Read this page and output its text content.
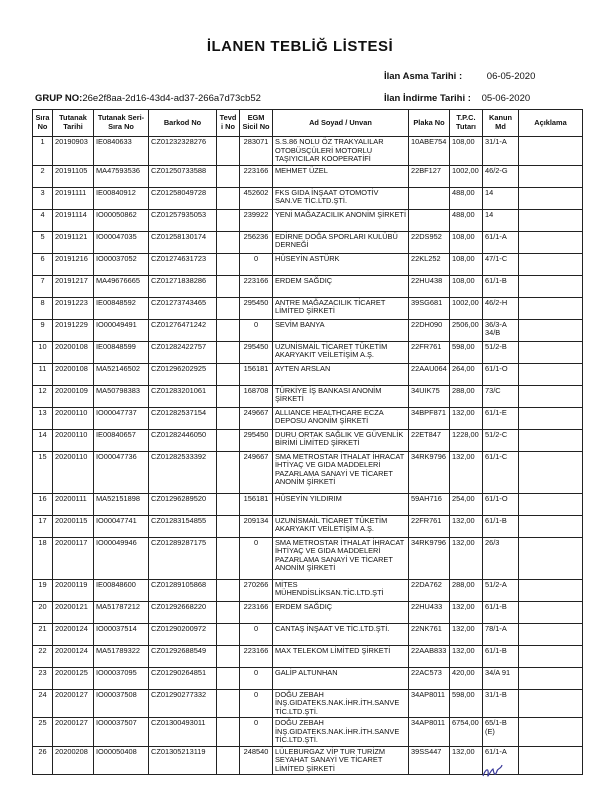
İLANEN TEBLİĞ LİSTESİ
İlan Asma Tarihi :	06-05-2020
GRUP NO:26e2f8aa-2d16-43d4-ad37-266a7d73cb52	İlan İndirme Tarihi : 05-06-2020
Sıra No	Tutanak Tarihi	Tutanak Seri-Sıra No	Barkod No	Tevdi No	EGM Sicil No	Ad Soyad / Unvan	Plaka No	T.P.C. Tutarı	Kanun Md	Açıklama
1	20190903	IE0840633	CZ01232328276		283071	S.S.86 NOLU ÖZ TRAKYALILAR OTOBÜSÇÜLERİ MOTORLU TAŞIYICILAR KOOPERATİFİ	10ABE754	108,00	31/1-A	
2	20191105	MA47593536	CZ01250733588		223166	MEHMET ÜZEL	22BF127	1002,00	46/2-G	
3	20191111	IE00840912	CZ01258049728		452602	FKS GIDA İNŞAAT OTOMOTİV SAN.VE TİC.LTD.ŞTİ.		488,00	14	
4	20191114	IO00050862	CZ01257935053		239922	YENİ MAĞAZACILIK ANONİM ŞİRKETİ		488,00	14	
5	20191121	IO00047035	CZ01258130174		256236	EDİRNE DOĞA SPORLARI KULÜBÜ DERNEĞİ	22DS952	108,00	61/1-A	
6	20191216	IO00037052	CZ01274631723		0	HÜSEYİN ASTÜRK	22KL252	108,00	47/1-C	
7	20191217	MA49676665	CZ01271838286		223166	ERDEM SAĞDIÇ	22HU438	108,00	61/1-B	
8	20191223	IE00848592	CZ01273743465		295450	ANTRE MAĞAZACILIK TİCARET LİMİTED ŞİRKETİ	39SG681	1002,00	46/2-H	
9	20191229	IO00049491	CZ01276471242		0	SEVİM BANYA	22DH090	2506,00	36/3-A 34/B	
10	20200108	IE00848599	CZ01282422757		295450	UZUNİSMAİL TİCARET TÜKETİM AKARYAKIT VEİLETİŞİM A.Ş.	22FR761	598,00	51/2-B	
11	20200108	MA52146502	CZ01296202925		156181	AYTEN ARSLAN	22AAU064	264,00	61/1-O	
12	20200109	MA50798383	CZ01283201061		168708	TÜRKİYE İŞ BANKASI ANONİM ŞİRKETİ	34UIK75	288,00	73/C	
13	20200110	IO00047737	CZ01282537154		249667	ALLIANCE HEALTHCARE ECZA DEPOSU ANONİM ŞİRKETİ	34BPF871	132,00	61/1-E	
14	20200110	IE00840657	CZ01282446050		295450	DURU ORTAK SAĞLIK VE GÜVENLİK BİRİMİ LİMİTED ŞİRKETİ	22ET847	1228,00	51/2-C	
15	20200110	IO00047736	CZ01282533392		249667	SMA METROSTAR İTHALAT İHRACAT İHTİYAÇ VE GIDA MADDELERİ PAZARLAMA SANAYİ VE TİCARET ANONİM ŞİRKETİ	34RK9796	132,00	61/1-C	
16	20200111	MA52151898	CZ01296289520		156181	HÜSEYİN YILDIRIM	59AH716	254,00	61/1-O	
17	20200115	IO00047741	CZ01283154855		209134	UZUNİSMAİL TİCARET TÜKETİM AKARYAKIT VEİLETİŞİM A.Ş.	22FR761	132,00	61/1-B	
18	20200117	IO00049946	CZ01289287175		0	SMA METROSTAR İTHALAT İHRACAT İHTİYAÇ VE GIDA MADDELERİ PAZARLAMA SANAYİ VE TİCARET ANONİM ŞİRKETİ	34RK9796	132,00	26/3	
19	20200119	IE00848600	CZ01289105868		270266	MİTES MÜHENDİSLİKSAN.TİC.LTD.ŞTİ	22DA762	288,00	51/2-A	
20	20200121	MA51787212	CZ01292668220		223166	ERDEM SAĞDIÇ	22HU433	132,00	61/1-B	
21	20200124	IO00037514	CZ01290200972		0	CANTAŞ İNŞAAT VE TİC.LTD.ŞTİ.	22NK761	132,00	78/1-A	
22	20200124	MA51789322	CZ01292688549		223166	MAX TELEKOM LİMİTED ŞİRKETİ	22AAB833	132,00	61/1-B	
23	20200125	IO00037095	CZ01290264851		0	GALİP ALTUNHAN	22AC573	420,00	34/A 91	
24	20200127	IO00037508	CZ01290277332		0	DOĞU ZEBAH İNŞ.GIDATEKS.NAK.İHR.İTH.SANVE TİC.LTD.ŞTİ.	34AP8011	598,00	31/1-B	
25	20200127	IO00037507	CZ01300493011		0	DOĞU ZEBAH İNŞ.GIDATEKS.NAK.İHR.İTH.SANVE TİC.LTD.ŞTİ.	34AP8011	6754,00	65/1-B (E)	
26	20200208	IO00050408	CZ01305213119		248540	LÜLEBURGAZ VİP TUR TURİZM SEYAHAT SANAYİ VE TİCARET LİMİTED ŞİRKETİ	39SS447	132,00	61/1-A	
